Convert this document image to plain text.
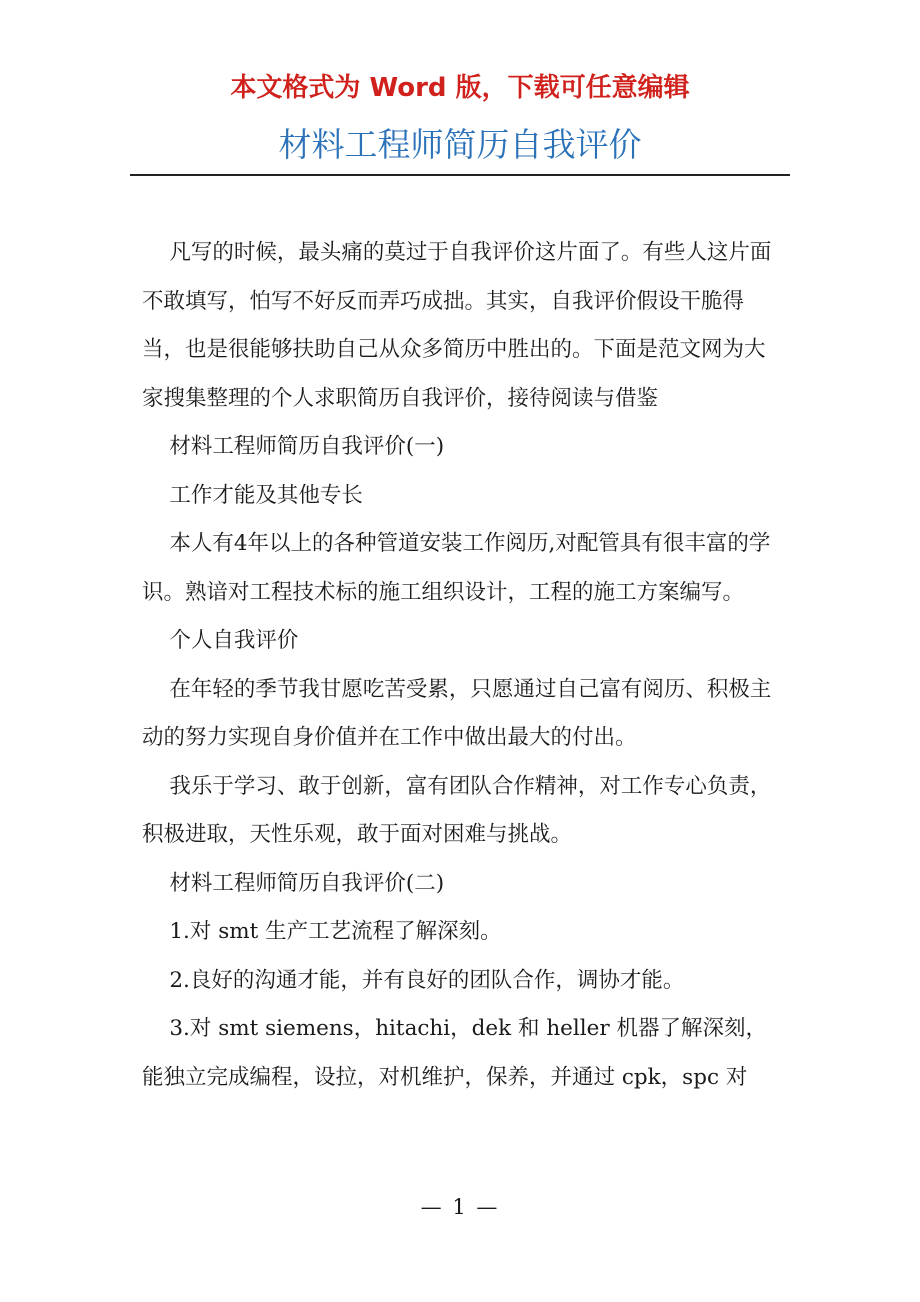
本文格式为 Word 版，下载可任意编辑
材料工程师简历自我评价

凡写的时候，最头痛的莫过于自我评价这片面了。有些人这片面不敢填写，怕写不好反而弄巧成拙。其实，自我评价假设干脆得当，也是很能够扶助自己从众多简历中胜出的。下面是范文网为大家搜集整理的个人求职简历自我评价，接待阅读与借鉴

材料工程师简历自我评价(一)

工作才能及其他专长

本人有4年以上的各种管道安装工作阅历,对配管具有很丰富的学识。熟谙对工程技术标的施工组织设计，工程的施工方案编写。

个人自我评价

在年轻的季节我甘愿吃苦受累，只愿通过自己富有阅历、积极主动的努力实现自身价值并在工作中做出最大的付出。

我乐于学习、敢于创新，富有团队合作精神，对工作专心负责，积极进取，天性乐观，敢于面对困难与挑战。

材料工程师简历自我评价(二)

1.对 smt 生产工艺流程了解深刻。

2.良好的沟通才能，并有良好的团队合作，调协才能。

3.对 smt siemens，hitachi，dek 和 heller 机器了解深刻，能独立完成编程，设拉，对机维护，保养，并通过 cpk，spc 对

— 1 —
